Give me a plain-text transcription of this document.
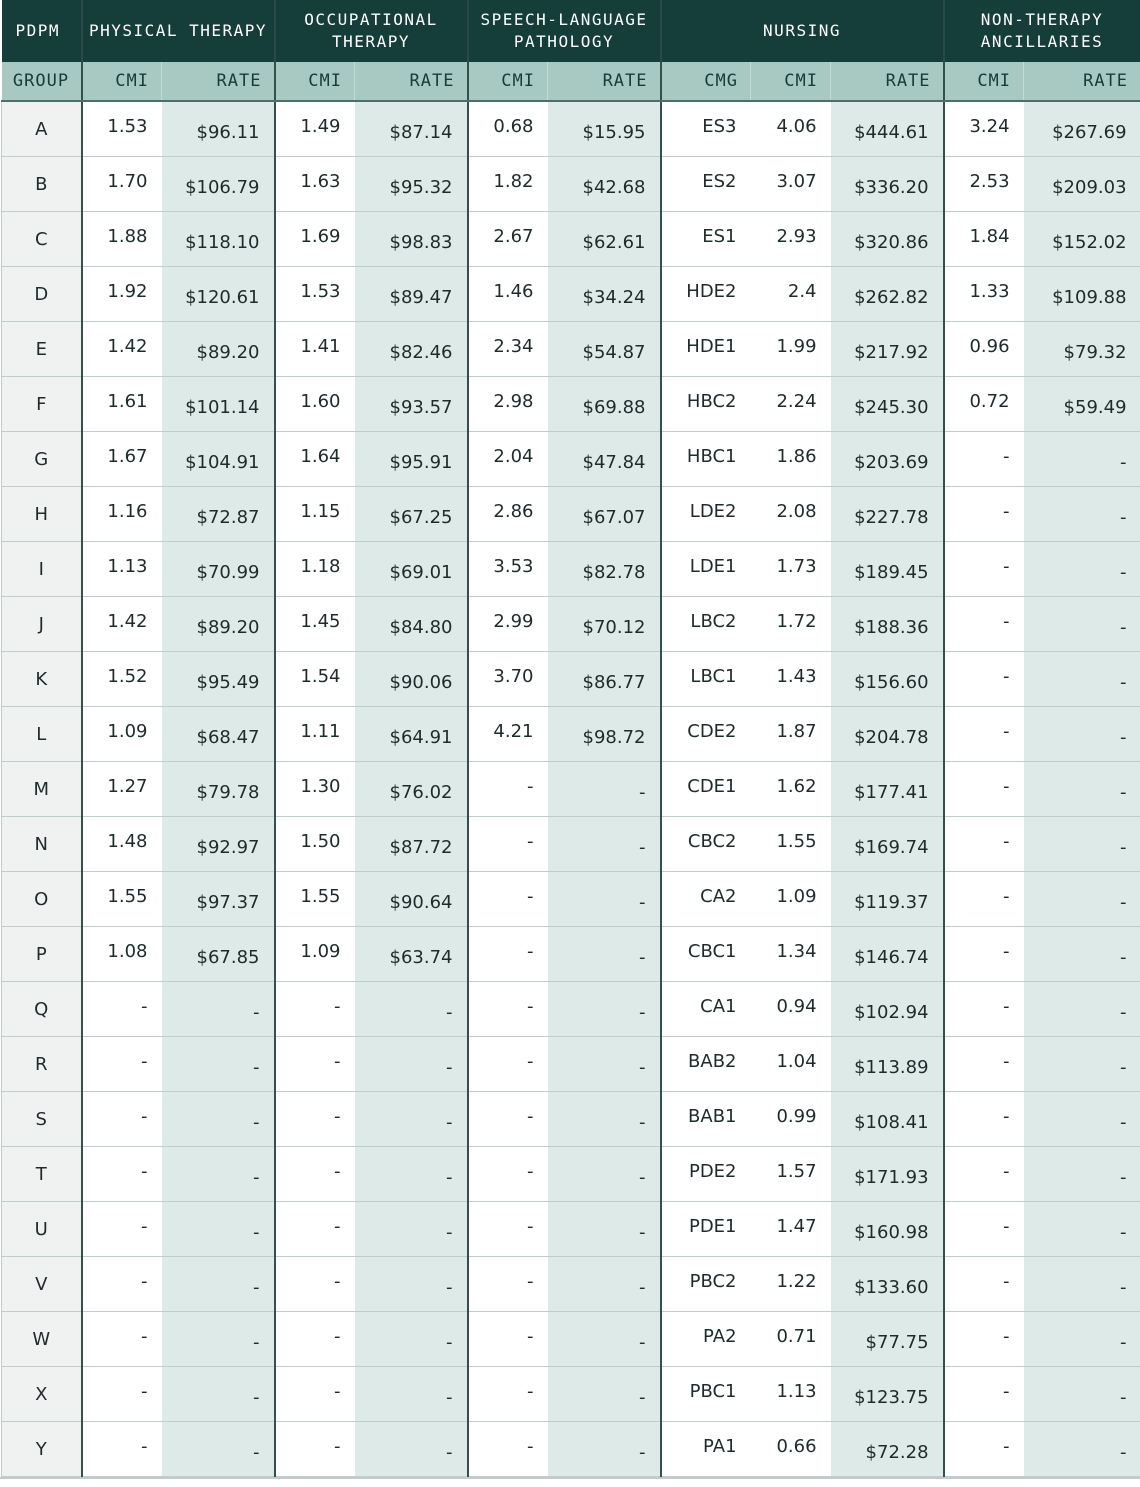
PDPM	PHYSICAL THERAPY		OCCUPATIONAL THERAPY		SPEECH-LANGUAGE PATHOLOGY		NURSING			NON-THERAPY ANCILLARIES	
GROUP	CMI	RATE	CMI	RATE	CMI	RATE	CMG	CMI	RATE	CMI	RATE
A	1.53	$96.11	1.49	$87.14	0.68	$15.95	ES3	4.06	$444.61	3.24	$267.69
B	1.70	$106.79	1.63	$95.32	1.82	$42.68	ES2	3.07	$336.20	2.53	$209.03
C	1.88	$118.10	1.69	$98.83	2.67	$62.61	ES1	2.93	$320.86	1.84	$152.02
D	1.92	$120.61	1.53	$89.47	1.46	$34.24	HDE2	2.4	$262.82	1.33	$109.88
E	1.42	$89.20	1.41	$82.46	2.34	$54.87	HDE1	1.99	$217.92	0.96	$79.32
F	1.61	$101.14	1.60	$93.57	2.98	$69.88	HBC2	2.24	$245.30	0.72	$59.49
G	1.67	$104.91	1.64	$95.91	2.04	$47.84	HBC1	1.86	$203.69	-	-
H	1.16	$72.87	1.15	$67.25	2.86	$67.07	LDE2	2.08	$227.78	-	-
I	1.13	$70.99	1.18	$69.01	3.53	$82.78	LDE1	1.73	$189.45	-	-
J	1.42	$89.20	1.45	$84.80	2.99	$70.12	LBC2	1.72	$188.36	-	-
K	1.52	$95.49	1.54	$90.06	3.70	$86.77	LBC1	1.43	$156.60	-	-
L	1.09	$68.47	1.11	$64.91	4.21	$98.72	CDE2	1.87	$204.78	-	-
M	1.27	$79.78	1.30	$76.02	-	-	CDE1	1.62	$177.41	-	-
N	1.48	$92.97	1.50	$87.72	-	-	CBC2	1.55	$169.74	-	-
O	1.55	$97.37	1.55	$90.64	-	-	CA2	1.09	$119.37	-	-
P	1.08	$67.85	1.09	$63.74	-	-	CBC1	1.34	$146.74	-	-
Q	-	-	-	-	-	-	CA1	0.94	$102.94	-	-
R	-	-	-	-	-	-	BAB2	1.04	$113.89	-	-
S	-	-	-	-	-	-	BAB1	0.99	$108.41	-	-
T	-	-	-	-	-	-	PDE2	1.57	$171.93	-	-
U	-	-	-	-	-	-	PDE1	1.47	$160.98	-	-
V	-	-	-	-	-	-	PBC2	1.22	$133.60	-	-
W	-	-	-	-	-	-	PA2	0.71	$77.75	-	-
X	-	-	-	-	-	-	PBC1	1.13	$123.75	-	-
Y	-	-	-	-	-	-	PA1	0.66	$72.28	-	-
